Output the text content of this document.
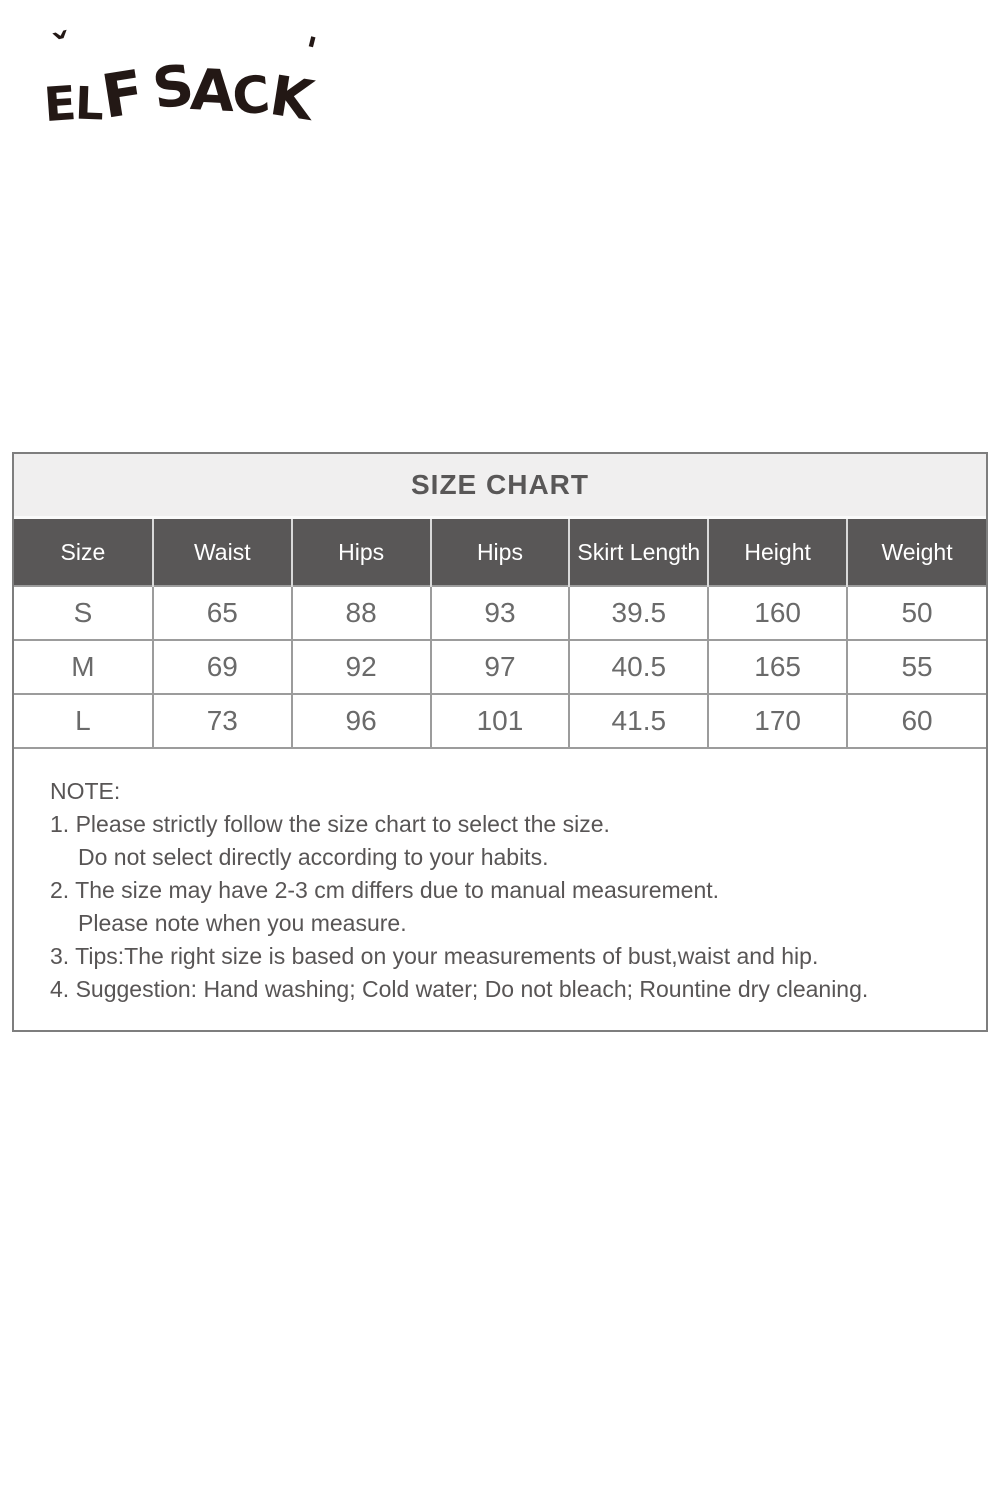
ˇ	'
E
L
F S
A
C
K
SIZE CHART
Size	Waist	Hips	Hips	Skirt Length	Height	Weight
S	65	88	93	39.5	160	50
M	69	92	97	40.5	165	55
L	73	96	101	41.5	170	60
NOTE:
1. Please strictly follow the size chart to select the size.
Do not select directly according to your habits.
2. The size may have 2-3 cm differs due to manual measurement.
Please note when you measure.
3. Tips:The right size is based on your measurements of bust,waist and hip.
4. Suggestion: Hand washing; Cold water; Do not bleach; Rountine dry cleaning.
